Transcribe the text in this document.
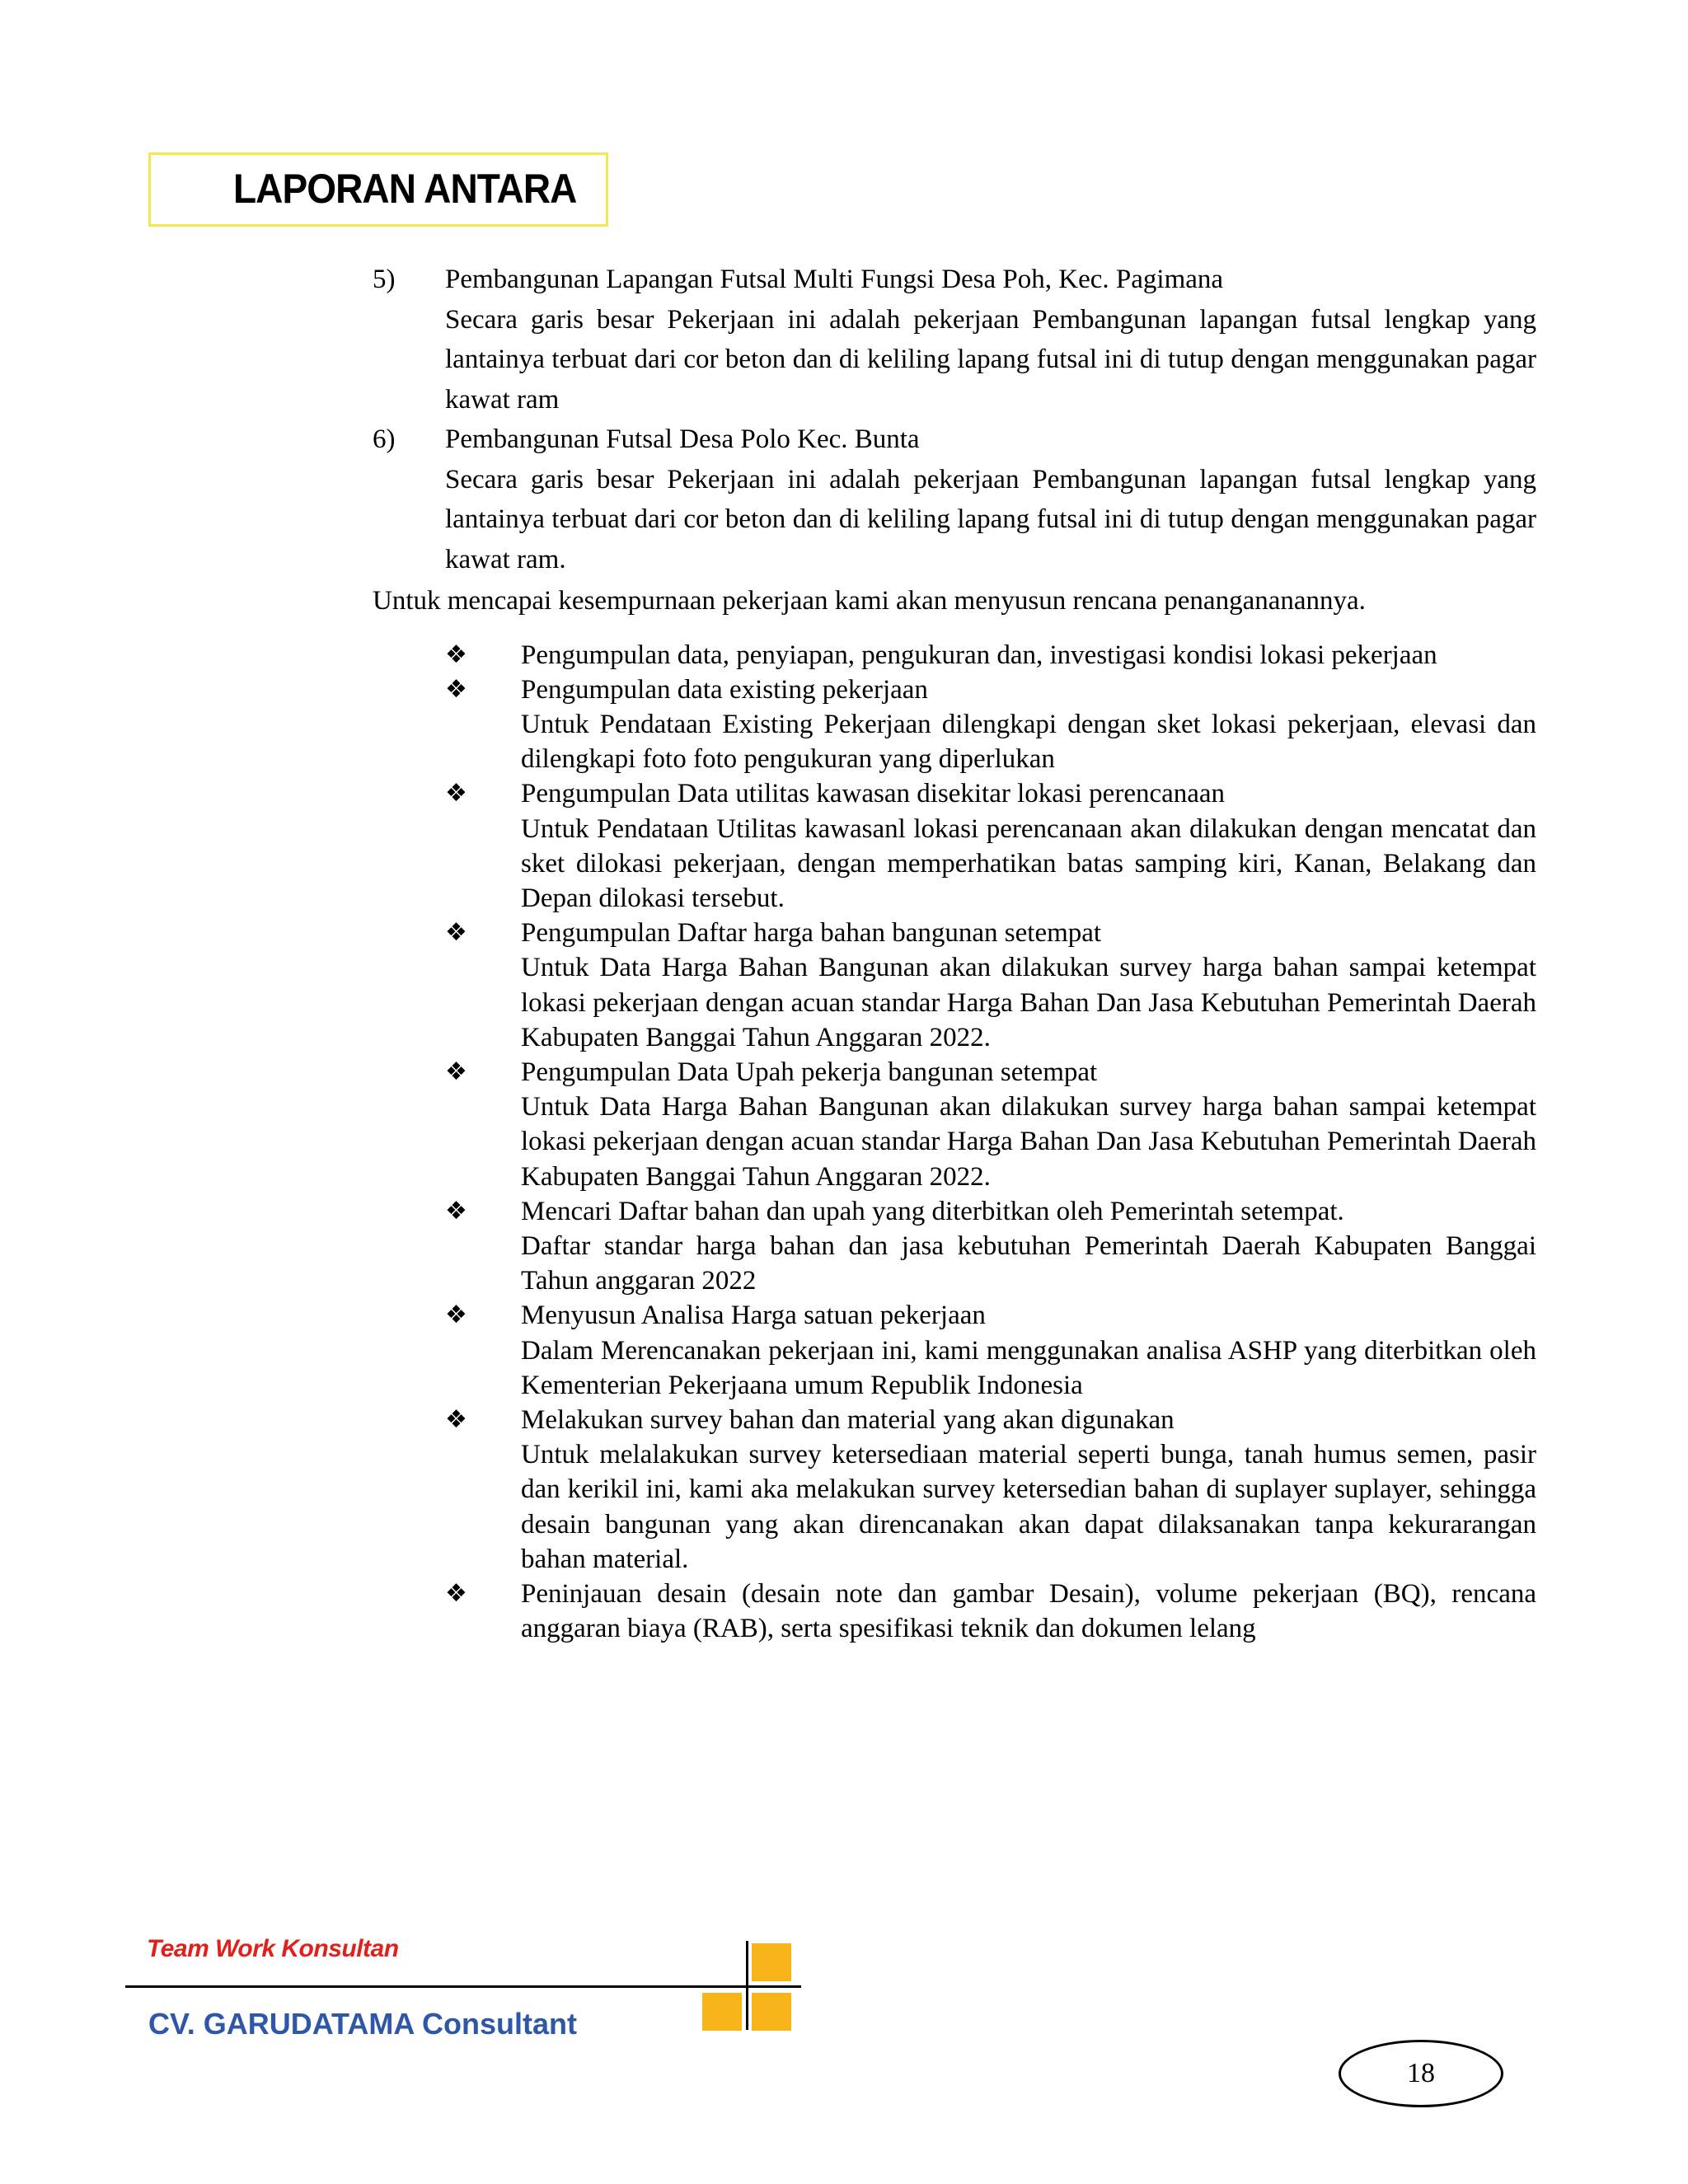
LAPORAN ANTARA
5) Pembangunan Lapangan Futsal Multi Fungsi Desa Poh, Kec. Pagimana
Secara garis besar Pekerjaan ini adalah pekerjaan Pembangunan lapangan futsal lengkap yang lantainya terbuat dari cor beton dan di keliling lapang futsal ini di tutup dengan menggunakan pagar kawat ram
6) Pembangunan Futsal Desa Polo Kec. Bunta
Secara garis besar Pekerjaan ini adalah pekerjaan Pembangunan lapangan futsal lengkap yang lantainya terbuat dari cor beton dan di keliling lapang futsal ini di tutup dengan menggunakan pagar kawat ram.
Untuk mencapai kesempurnaan pekerjaan kami akan menyusun rencana penangananannya.
❖ Pengumpulan data, penyiapan, pengukuran dan, investigasi kondisi lokasi pekerjaan
❖ Pengumpulan data existing pekerjaan
Untuk Pendataan Existing Pekerjaan dilengkapi dengan sket lokasi pekerjaan, elevasi dan dilengkapi foto foto pengukuran yang diperlukan
❖ Pengumpulan Data utilitas kawasan disekitar lokasi perencanaan
Untuk Pendataan Utilitas kawasanl lokasi perencanaan akan dilakukan dengan mencatat dan sket dilokasi pekerjaan, dengan memperhatikan batas samping kiri, Kanan, Belakang dan Depan dilokasi tersebut.
❖ Pengumpulan Daftar harga bahan bangunan setempat
Untuk Data Harga Bahan Bangunan akan dilakukan survey harga bahan sampai ketempat lokasi pekerjaan dengan acuan standar Harga Bahan Dan Jasa Kebutuhan Pemerintah Daerah Kabupaten Banggai Tahun Anggaran 2022.
❖ Pengumpulan Data Upah pekerja bangunan setempat
Untuk Data Harga Bahan Bangunan akan dilakukan survey harga bahan sampai ketempat lokasi pekerjaan dengan acuan standar Harga Bahan Dan Jasa Kebutuhan Pemerintah Daerah Kabupaten Banggai Tahun Anggaran 2022.
❖ Mencari Daftar bahan dan upah yang diterbitkan oleh Pemerintah setempat.
Daftar standar harga bahan dan jasa kebutuhan Pemerintah Daerah Kabupaten Banggai Tahun anggaran 2022
❖ Menyusun Analisa Harga satuan pekerjaan
Dalam Merencanakan pekerjaan ini, kami menggunakan analisa ASHP yang diterbitkan oleh Kementerian Pekerjaana umum Republik Indonesia
❖ Melakukan survey bahan dan material yang akan digunakan
Untuk melalakukan survey ketersediaan material seperti bunga, tanah humus semen, pasir dan kerikil ini, kami aka melakukan survey ketersedian bahan di suplayer suplayer, sehingga desain bangunan yang akan direncanakan akan dapat dilaksanakan tanpa kekurarangan bahan material.
❖ Peninjauan desain (desain note dan gambar Desain), volume pekerjaan (BQ), rencana anggaran biaya (RAB), serta spesifikasi teknik dan dokumen lelang
Team Work Konsultan
CV. GARUDATAMA Consultant
18
